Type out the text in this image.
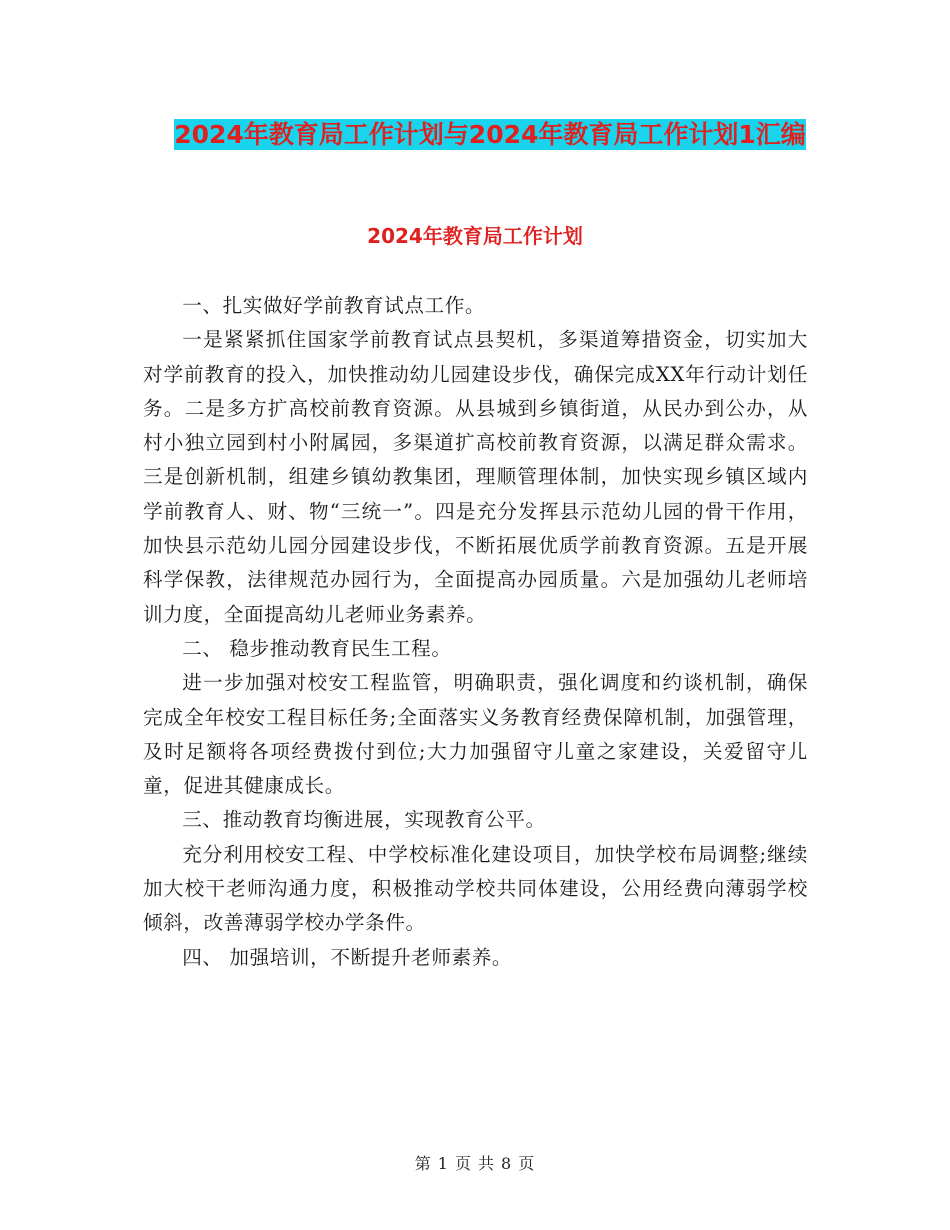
2024年教育局工作计划与2024年教育局工作计划1汇编
2024年教育局工作计划

一、扎实做好学前教育试点工作。

一是紧紧抓住国家学前教育试点县契机，多渠道筹措资金，切实加大对学前教育的投入，加快推动幼儿园建设步伐，确保完成XX年行动计划任务。二是多方扩高校前教育资源。从县城到乡镇街道，从民办到公办，从村小独立园到村小附属园，多渠道扩高校前教育资源，以满足群众需求。三是创新机制，组建乡镇幼教集团，理顺管理体制，加快实现乡镇区域内学前教育人、财、物“三统一”。四是充分发挥县示范幼儿园的骨干作用，加快县示范幼儿园分园建设步伐，不断拓展优质学前教育资源。五是开展科学保教，法律规范办园行为，全面提高办园质量。六是加强幼儿老师培训力度，全面提高幼儿老师业务素养。

二、 稳步推动教育民生工程。

进一步加强对校安工程监管，明确职责，强化调度和约谈机制，确保完成全年校安工程目标任务;全面落实义务教育经费保障机制，加强管理，及时足额将各项经费拨付到位;大力加强留守儿童之家建设，关爱留守儿童，促进其健康成长。

三、推动教育均衡进展，实现教育公平。

充分利用校安工程、中学校标准化建设项目，加快学校布局调整;继续加大校干老师沟通力度，积极推动学校共同体建设，公用经费向薄弱学校倾斜，改善薄弱学校办学条件。

四、 加强培训，不断提升老师素养。

第 1 页 共 8 页
